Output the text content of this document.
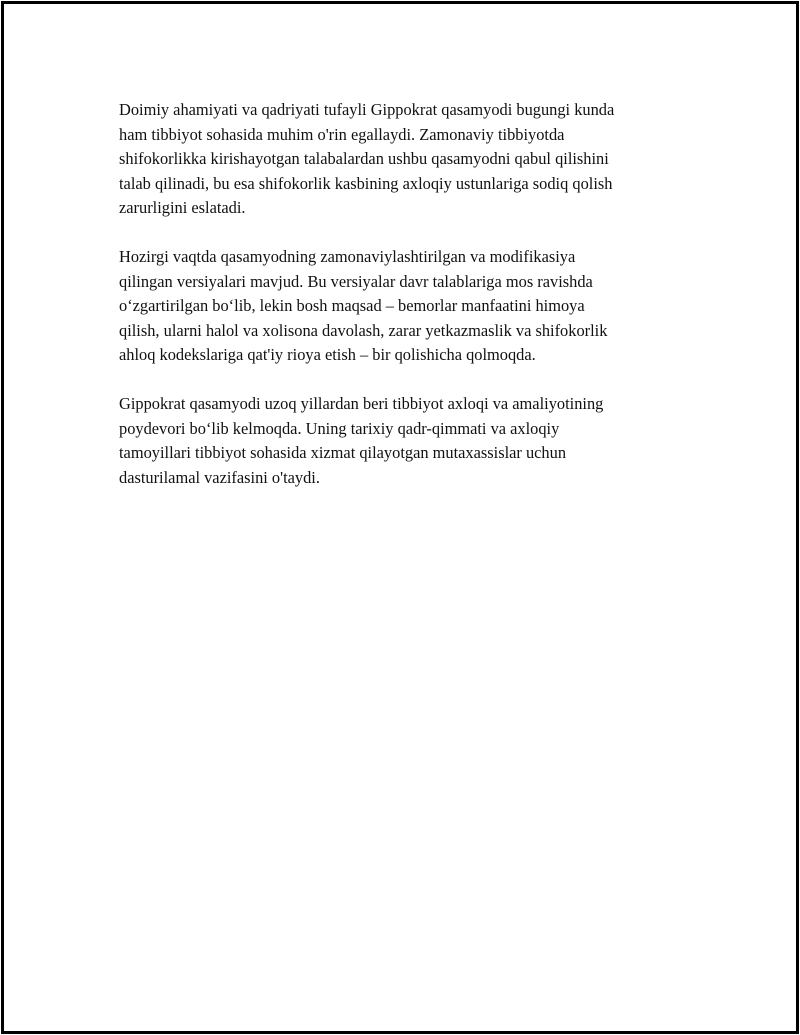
Doimiy ahamiyati va qadriyati tufayli Gippokrat qasamyodi bugungi kunda
ham tibbiyot sohasida muhim o'rin egallaydi. Zamonaviy tibbiyotda
shifokorlikka kirishayotgan talabalardan ushbu qasamyodni qabul qilishini
talab qilinadi, bu esa shifokorlik kasbining axloqiy ustunlariga sodiq qolish
zarurligini eslatadi.

Hozirgi vaqtda qasamyodning zamonaviylashtirilgan va modifikasiya
qilingan versiyalari mavjud. Bu versiyalar davr talablariga mos ravishda
o‘zgartirilgan bo‘lib, lekin bosh maqsad – bemorlar manfaatini himoya
qilish, ularni halol va xolisona davolash, zarar yetkazmaslik va shifokorlik
ahloq kodekslariga qat'iy rioya etish – bir qolishicha qolmoqda.

Gippokrat qasamyodi uzoq yillardan beri tibbiyot axloqi va amaliyotining
poydevori bo‘lib kelmoqda. Uning tarixiy qadr-qimmati va axloqiy
tamoyillari tibbiyot sohasida xizmat qilayotgan mutaxassislar uchun
dasturilamal vazifasini o'taydi.
